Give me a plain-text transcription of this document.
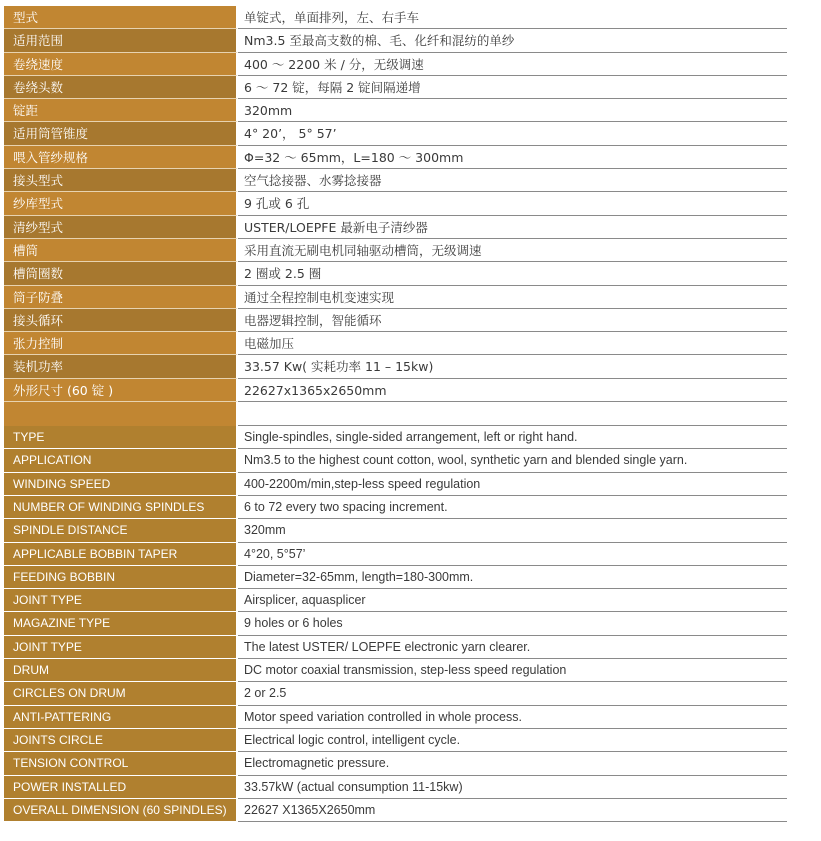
型式	单锭式，单面排列，左、右手车
适用范围	Nm3.5 至最高支数的棉、毛、化纤和混纺的单纱
卷绕速度	400 ～ 2200 米 / 分，无级调速
卷绕头数	6 ～ 72 锭，每隔 2 锭间隔递增
锭距	320mm
适用筒管锥度	4° 20’， 5° 57’
喂入管纱规格	Φ=32 ～ 65mm，L=180 ～ 300mm
接头型式	空气捻接器、水雾捻接器
纱库型式	9 孔或 6 孔
清纱型式	USTER/LOEPFE 最新电子清纱器
槽筒	采用直流无刷电机同轴驱动槽筒，无级调速
槽筒圈数	2 圈或 2.5 圈
筒子防叠	通过全程控制电机变速实现
接头循环	电器逻辑控制，智能循环
张力控制	电磁加压
装机功率	33.57 Kw( 实耗功率 11 – 15kw)
外形尺寸 (60 锭 )	22627x1365x2650mm
TYPE	Single-spindles, single-sided arrangement, left or right hand.
APPLICATION	Nm3.5 to the highest count cotton, wool, synthetic yarn and blended single yarn.
WINDING SPEED	400-2200m/min,step-less speed regulation
NUMBER OF WINDING SPINDLES	6 to 72 every two spacing increment.
SPINDLE DISTANCE	320mm
APPLICABLE BOBBIN TAPER	4°20, 5°57’
FEEDING BOBBIN	Diameter=32-65mm, length=180-300mm.
JOINT TYPE	Airsplicer, aquasplicer
MAGAZINE TYPE	9 holes or 6 holes
JOINT TYPE	The latest USTER/ LOEPFE electronic yarn clearer.
DRUM	DC motor coaxial transmission, step-less speed regulation
CIRCLES ON DRUM	2 or 2.5
ANTI-PATTERING	Motor speed variation controlled in whole process.
JOINTS CIRCLE	Electrical logic control, intelligent cycle.
TENSION CONTROL	Electromagnetic pressure.
POWER INSTALLED	33.57kW (actual consumption 11-15kw)
OVERALL DIMENSION (60 SPINDLES)	22627 X1365X2650mm
